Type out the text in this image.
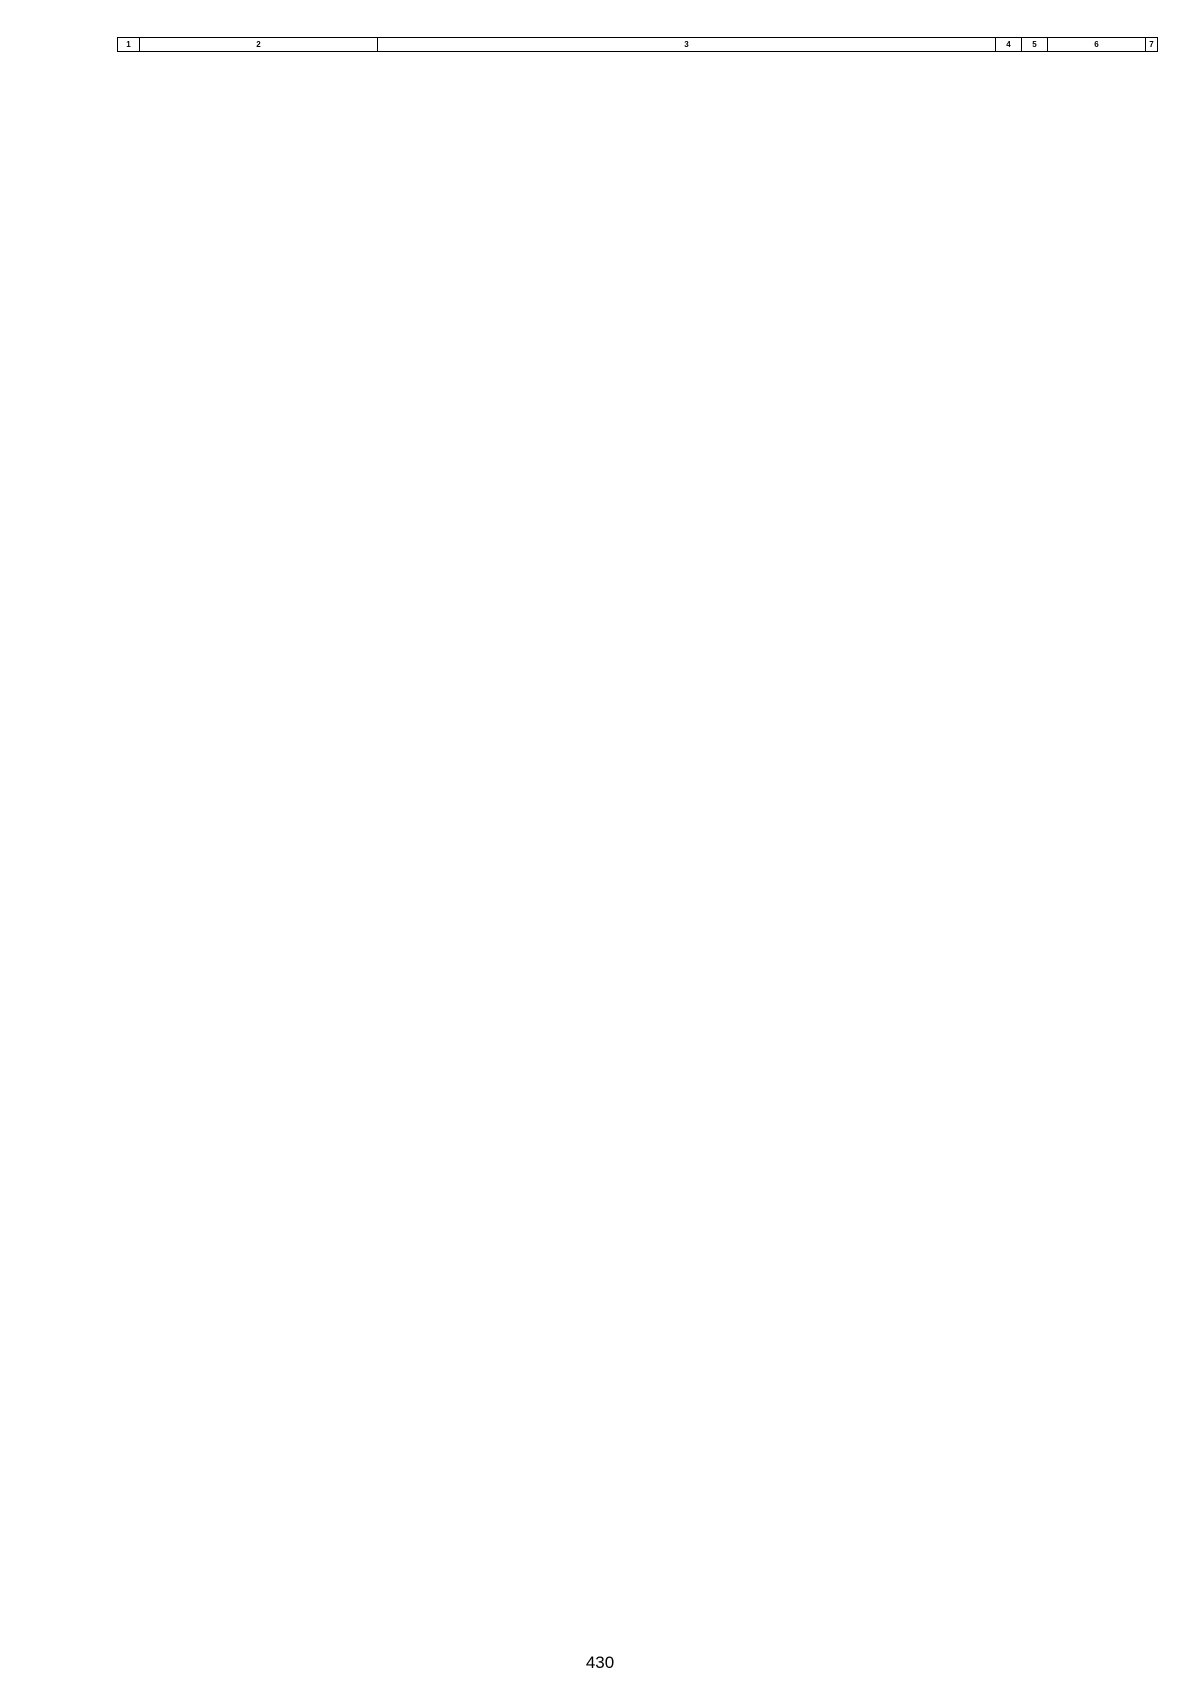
1	2	3	4	5	6	7
430
